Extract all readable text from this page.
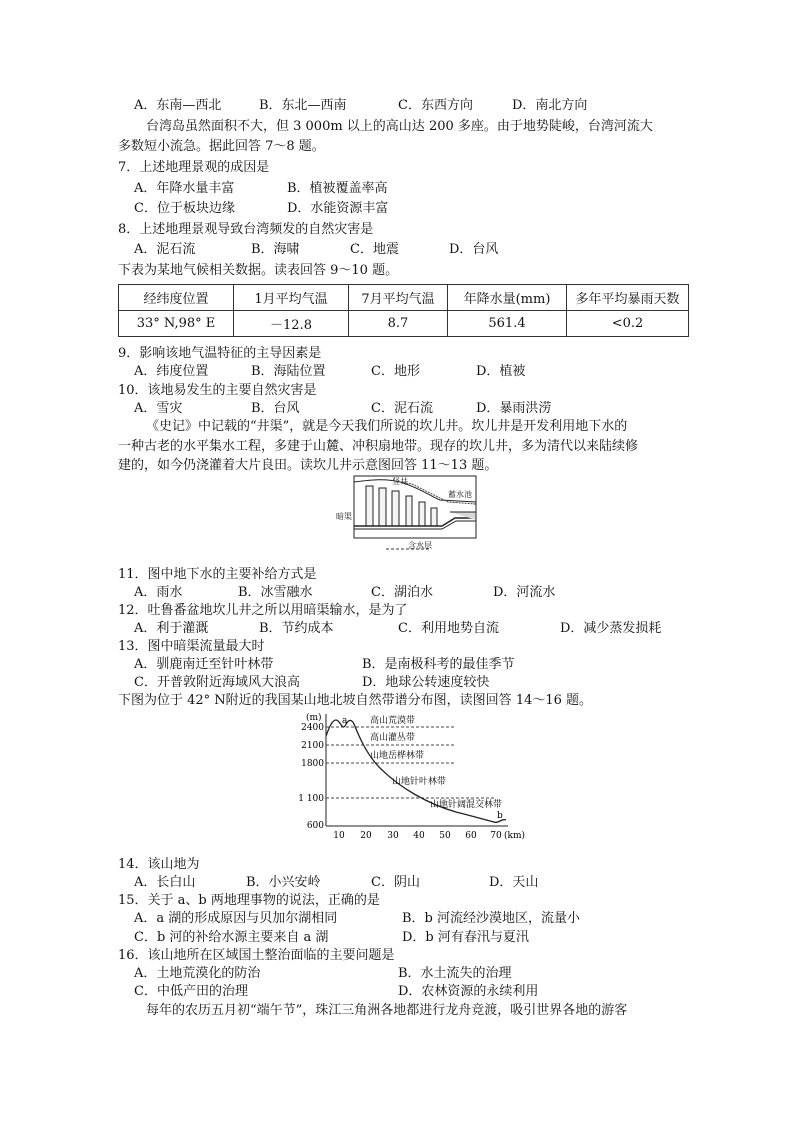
A．东南—西北	B．东北—西南	C．东西方向	D．南北方向
台湾岛虽然面积不大，但 3 000m 以上的高山达 200 多座。由于地势陡峻，台湾河流大
多数短小流急。据此回答 7～8 题。
7．上述地理景观的成因是
A．年降水量丰富	B．植被覆盖率高
C．位于板块边缘	D．水能资源丰富
8．上述地理景观导致台湾频发的自然灾害是
A．泥石流	B．海啸	C．地震	D．台风
下表为某地气候相关数据。读表回答 9～10 题。
经纬度位置	1月平均气温	7月平均气温	年降水量(mm)	多年平均暴雨天数
33° N,98° E	－12.8	8.7	561.4	<0.2
9．影响该地气温特征的主导因素是
A．纬度位置	B．海陆位置	C．地形	D．植被
10．该地易发生的主要自然灾害是
A．雪灾	B．台风	C．泥石流	D．暴雨洪涝
《史记》中记载的“井渠”，就是今天我们所说的坎儿井。坎儿井是开发利用地下水的
一种古老的水平集水工程，多建于山麓、冲积扇地带。现存的坎儿井，多为清代以来陆续修
建的，如今仍浇灌着大片良田。读坎儿井示意图回答 11～13 题。
竖井
蓄水池
暗渠
含水层
11．图中地下水的主要补给方式是
A．雨水	B．冰雪融水	C．湖泊水	D．河流水
12．吐鲁番盆地坎儿井之所以用暗渠输水，是为了
A．利于灌溉	B．节约成本	C．利用地势自流	D．减少蒸发损耗
13．图中暗渠流量最大时
A．驯鹿南迁至针叶林带	B．是南极科考的最佳季节
C．开普敦附近海域风大浪高	D．地球公转速度较快
下图为位于 42° N附近的我国某山地北坡自然带谱分布图，读图回答 14～16 题。
(m)
2400
2100
1800
1 100
600
a
b
高山荒漠带
高山灌丛带
山地岳桦林带
山地针叶林带
山地针阔混交林带
10 20 30 40 50 60 70 (km)
14．该山地为
A．长白山	B．小兴安岭	C．阴山	D．天山
15．关于 a、b 两地理事物的说法，正确的是
A．a 湖的形成原因与贝加尔湖相同	B．b 河流经沙漠地区，流量小
C．b 河的补给水源主要来自 a 湖	D．b 河有春汛与夏汛
16．该山地所在区域国土整治面临的主要问题是
A．土地荒漠化的防治	B．水土流失的治理
C．中低产田的治理	D．农林资源的永续利用
每年的农历五月初“端午节”，珠江三角洲各地都进行龙舟竞渡，吸引世界各地的游客
